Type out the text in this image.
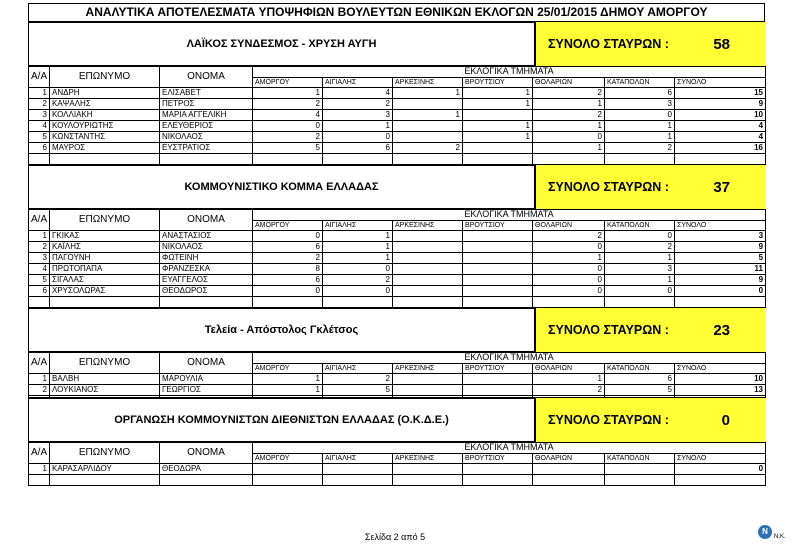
ΑΝΑΛΥΤΙΚΑ ΑΠΟΤΕΛΕΣΜΑΤΑ ΥΠΟΨΗΦΙΩΝ ΒΟΥΛΕΥΤΩΝ ΕΘΝΙΚΩΝ ΕΚΛΟΓΩΝ 25/01/2015 ΔΗΜΟΥ ΑΜΟΡΓΟΥ
ΛΑΪΚΟΣ ΣΥΝΔΕΣΜΟΣ - ΧΡΥΣΗ ΑΥΓΗ	ΣΥΝΟΛΟ ΣΤΑΥΡΩΝ :	58
Α/Α	ΕΠΩΝΥΜΟ	ΟΝΟΜΑ	ΕΚΛΟΓΙΚΑ ΤΜΗΜΑΤΑ						
			ΑΜΟΡΓΟΥ	ΑΙΓΙΑΛΗΣ	ΑΡΚΕΣΙΝΗΣ	ΒΡΟΥΤΣΙΟΥ	ΘΟΛΑΡΙΩΝ	ΚΑΤΑΠΟΛΩΝ	ΣΥΝΟΛΟ
1	ΑΝΔΡΗ	ΕΛΙΣΑΒΕΤ	1	4	1	1	2	6	15
2	ΚΑΨΑΛΗΣ	ΠΕΤΡΟΣ	2	2		1	1	3	9
3	ΚΟΛΛΙΑΚΗ	ΜΑΡΙΑ ΑΓΓΕΛΙΚΗ	4	3	1		2	0	10
4	ΚΟΥΛΟΥΡΙΩΤΗΣ	ΕΛΕΥΘΕΡΙΟΣ	0	1		1	1	1	4
5	ΚΩΝΣΤΑΝΤΗΣ	ΝΙΚΟΛΑΟΣ	2	0		1	0	1	4
6	ΜΑΥΡΟΣ	ΕΥΣΤΡΑΤΙΟΣ	5	6	2		1	2	16

ΚΟΜΜΟΥΝΙΣΤΙΚΟ ΚΟΜΜΑ ΕΛΛΑΔΑΣ	ΣΥΝΟΛΟ ΣΤΑΥΡΩΝ :	37
Α/Α	ΕΠΩΝΥΜΟ	ΟΝΟΜΑ	ΕΚΛΟΓΙΚΑ ΤΜΗΜΑΤΑ						
			ΑΜΟΡΓΟΥ	ΑΙΓΙΑΛΗΣ	ΑΡΚΕΣΙΝΗΣ	ΒΡΟΥΤΣΙΟΥ	ΘΟΛΑΡΙΩΝ	ΚΑΤΑΠΟΛΩΝ	ΣΥΝΟΛΟ
1	ΓΚΙΚΑΣ	ΑΝΑΣΤΑΣΙΟΣ	0	1			2	0	3
2	ΚΑΪΛΗΣ	ΝΙΚΟΛΑΟΣ	6	1			0	2	9
3	ΠΑΓΟΥΝΗ	ΦΩΤΕΙΝΗ	2	1			1	1	5
4	ΠΡΩΤΟΠΑΠΑ	ΦΡΑΝΖΕΣΚΑ	8	0			0	3	11
5	ΣΙΓΑΛΑΣ	ΕΥΑΓΓΕΛΟΣ	6	2			0	1	9
6	ΧΡΥΣΟΛΩΡΑΣ	ΘΕΟΔΩΡΟΣ	0	0			0	0	0

Τελεία - Απόστολος Γκλέτσος	ΣΥΝΟΛΟ ΣΤΑΥΡΩΝ :	23
Α/Α	ΕΠΩΝΥΜΟ	ΟΝΟΜΑ	ΕΚΛΟΓΙΚΑ ΤΜΗΜΑΤΑ						
			ΑΜΟΡΓΟΥ	ΑΙΓΙΑΛΗΣ	ΑΡΚΕΣΙΝΗΣ	ΒΡΟΥΤΣΙΟΥ	ΘΟΛΑΡΙΩΝ	ΚΑΤΑΠΟΛΩΝ	ΣΥΝΟΛΟ
1	ΒΑΛΒΗ	ΜΑΡΟΥΛΙΑ	1	2			1	6	10
2	ΛΟΥΚΙΑΝΟΣ	ΓΕΩΡΓΙΟΣ	1	5			2	5	13

ΟΡΓΑΝΩΣΗ ΚΟΜΜΟΥΝΙΣΤΩΝ ΔΙΕΘΝΙΣΤΩΝ ΕΛΛΑΔΑΣ (Ο.Κ.Δ.Ε.)	ΣΥΝΟΛΟ ΣΤΑΥΡΩΝ :	0
Α/Α	ΕΠΩΝΥΜΟ	ΟΝΟΜΑ	ΕΚΛΟΓΙΚΑ ΤΜΗΜΑΤΑ						
			ΑΜΟΡΓΟΥ	ΑΙΓΙΑΛΗΣ	ΑΡΚΕΣΙΝΗΣ	ΒΡΟΥΤΣΙΟΥ	ΘΟΛΑΡΙΩΝ	ΚΑΤΑΠΟΛΩΝ	ΣΥΝΟΛΟ
1	ΚΑΡΑΣΑΡΛΙΔΟΥ	ΘΕΟΔΩΡΑ							0

Σελίδα 2 από 5
Ν
N.K.
